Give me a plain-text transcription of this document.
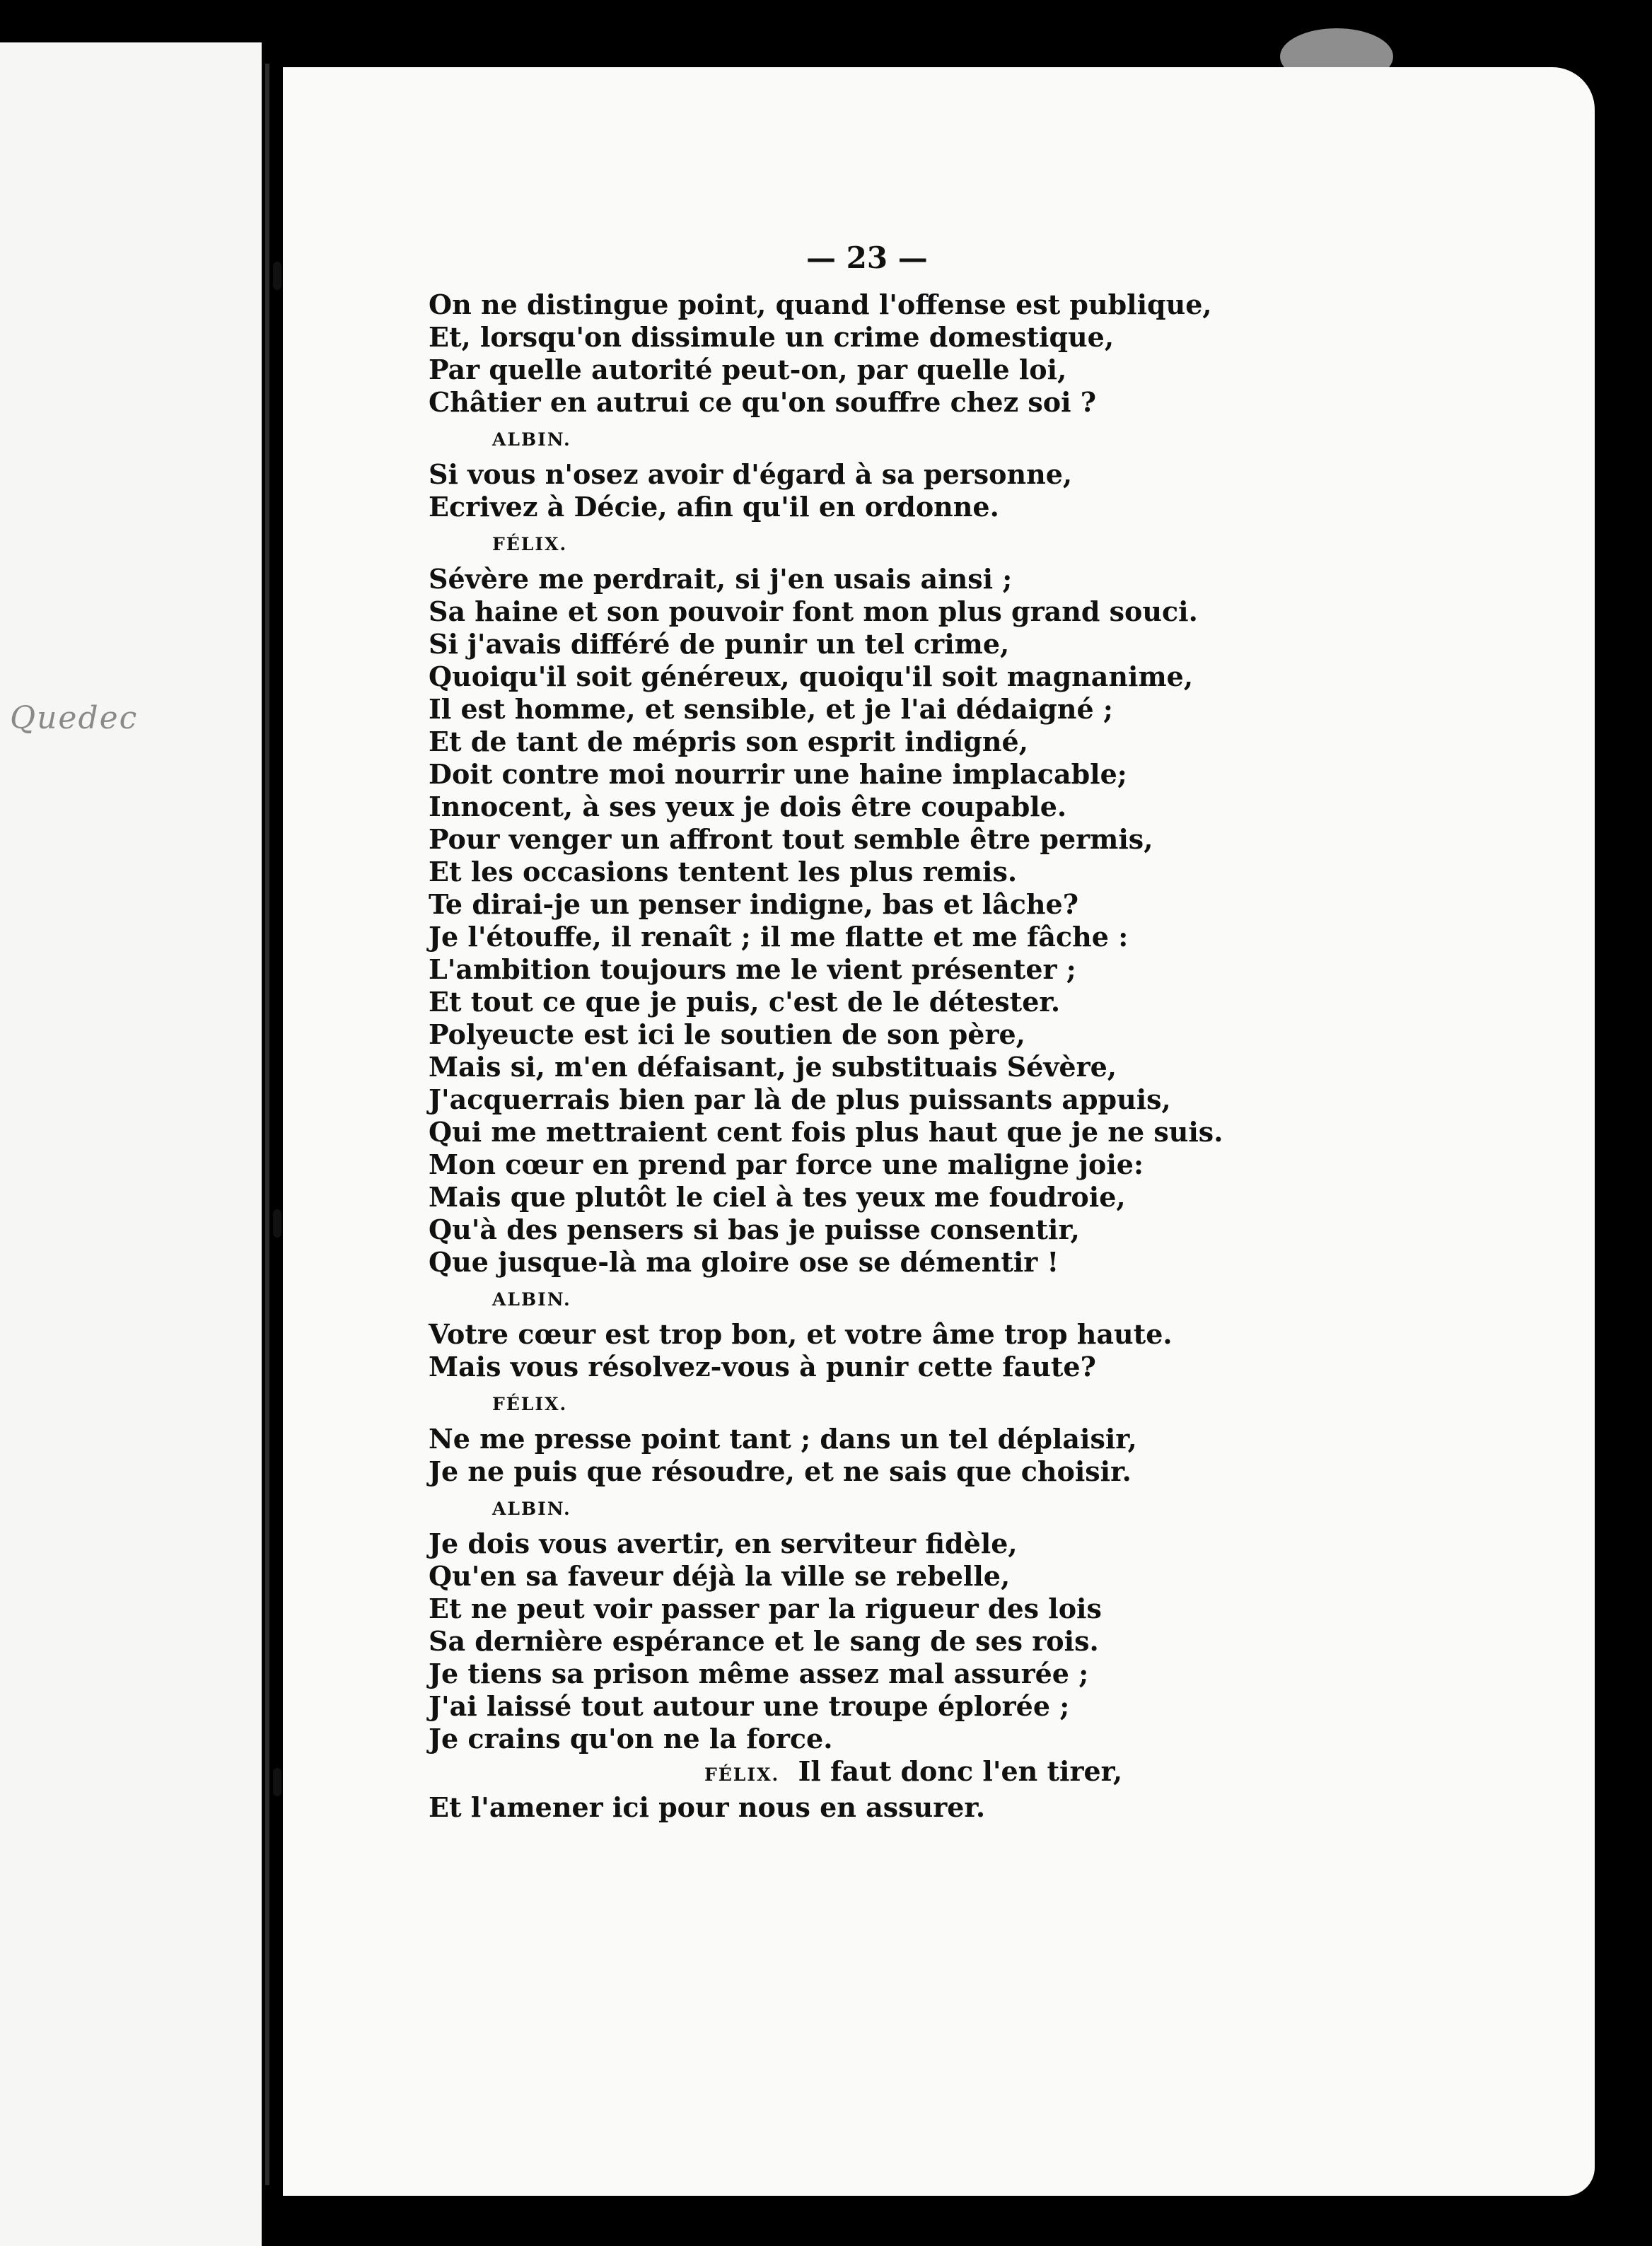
Quedec
— 23 —
On ne distingue point, quand l'offense est publique,
Et, lorsqu'on dissimule un crime domestique,
Par quelle autorité peut-on, par quelle loi,
Châtier en autrui ce qu'on souffre chez soi ?
ALBIN.
Si vous n'osez avoir d'égard à sa personne,
Ecrivez à Décie, afin qu'il en ordonne.
FÉLIX.
Sévère me perdrait, si j'en usais ainsi ;
Sa haine et son pouvoir font mon plus grand souci.
Si j'avais différé de punir un tel crime,
Quoiqu'il soit généreux, quoiqu'il soit magnanime,
Il est homme, et sensible, et je l'ai dédaigné ;
Et de tant de mépris son esprit indigné,
Doit contre moi nourrir une haine implacable;
Innocent, à ses yeux je dois être coupable.
Pour venger un affront tout semble être permis,
Et les occasions tentent les plus remis.
Te dirai-je un penser indigne, bas et lâche?
Je l'étouffe, il renaît ; il me flatte et me fâche :
L'ambition toujours me le vient présenter ;
Et tout ce que je puis, c'est de le détester.
Polyeucte est ici le soutien de son père,
Mais si, m'en défaisant, je substituais Sévère,
J'acquerrais bien par là de plus puissants appuis,
Qui me mettraient cent fois plus haut que je ne suis.
Mon cœur en prend par force une maligne joie:
Mais que plutôt le ciel à tes yeux me foudroie,
Qu'à des pensers si bas je puisse consentir,
Que jusque-là ma gloire ose se démentir !
ALBIN.
Votre cœur est trop bon, et votre âme trop haute.
Mais vous résolvez-vous à punir cette faute?
FÉLIX.
Ne me presse point tant ; dans un tel déplaisir,
Je ne puis que résoudre, et ne sais que choisir.
ALBIN.
Je dois vous avertir, en serviteur fidèle,
Qu'en sa faveur déjà la ville se rebelle,
Et ne peut voir passer par la rigueur des lois
Sa dernière espérance et le sang de ses rois.
Je tiens sa prison même assez mal assurée ;
J'ai laissé tout autour une troupe éplorée ;
Je crains qu'on ne la force.
FÉLIX. Il faut donc l'en tirer,
Et l'amener ici pour nous en assurer.
